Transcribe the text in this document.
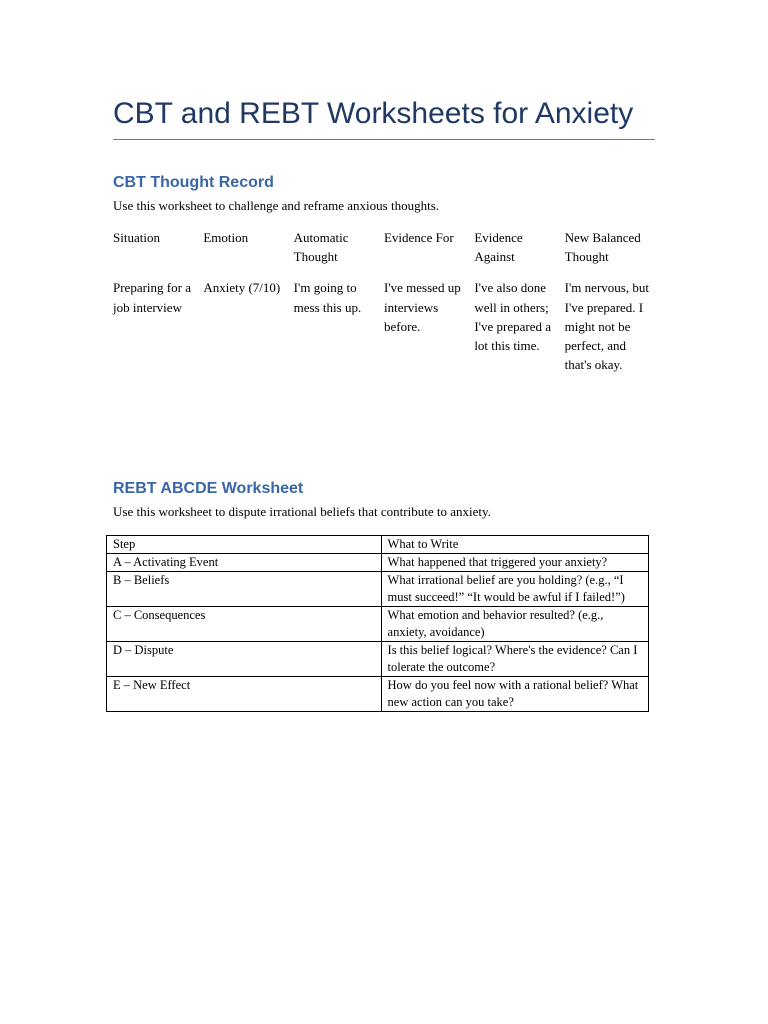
CBT and REBT Worksheets for Anxiety
CBT Thought Record

Use this worksheet to challenge and reframe anxious thoughts.

Situation	Emotion	Automatic Thought	Evidence For	Evidence Against	New Balanced Thought
Preparing for a job interview	Anxiety (7/10)	I'm going to mess this up.	I've messed up interviews before.	I've also done well in others; I've prepared a lot this time.	I'm nervous, but I've prepared. I might not be perfect, and that's okay.
REBT ABCDE Worksheet

Use this worksheet to dispute irrational beliefs that contribute to anxiety.

Step	What to Write
A – Activating Event	What happened that triggered your anxiety?
B – Beliefs	What irrational belief are you holding? (e.g., “I must succeed!” “It would be awful if I failed!”)
C – Consequences	What emotion and behavior resulted? (e.g., anxiety, avoidance)
D – Dispute	Is this belief logical? Where's the evidence? Can I tolerate the outcome?
E – New Effect	How do you feel now with a rational belief? What new action can you take?
